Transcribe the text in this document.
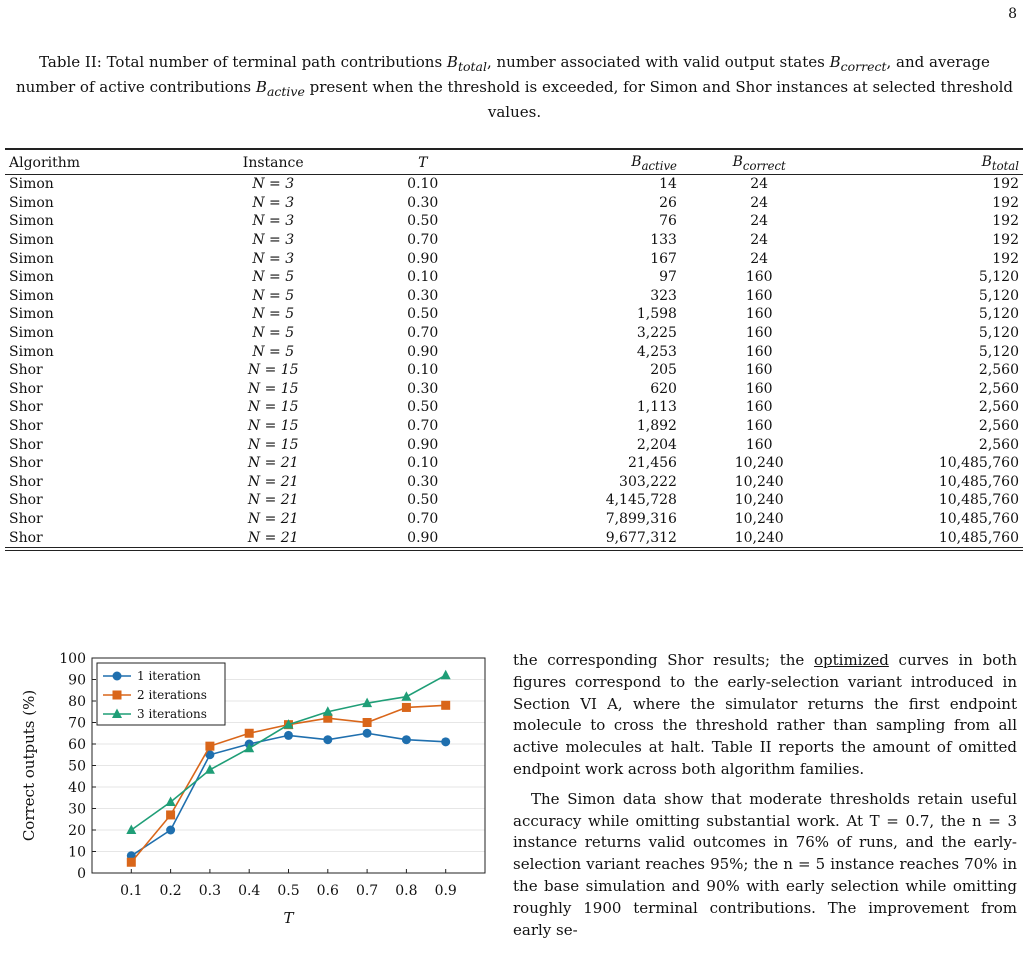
8
Table II: Total number of terminal path contributions $B_{total}$, number associated with valid output states $B_{correct}$, and average number of active contributions $B_{active}$ present when the threshold is exceeded, for Simon and Shor instances at selected threshold values.

Algorithm	Instance	T	$B_{active}$	$B_{correct}$	$B_{total}$
Simon	N = 3	0.10	14	24	192
Simon	N = 3	0.30	26	24	192
Simon	N = 3	0.50	76	24	192
Simon	N = 3	0.70	133	24	192
Simon	N = 3	0.90	167	24	192
Simon	N = 5	0.10	97	160	5,120
Simon	N = 5	0.30	323	160	5,120
Simon	N = 5	0.50	1,598	160	5,120
Simon	N = 5	0.70	3,225	160	5,120
Simon	N = 5	0.90	4,253	160	5,120
Shor	N = 15	0.10	205	160	2,560
Shor	N = 15	0.30	620	160	2,560
Shor	N = 15	0.50	1,113	160	2,560
Shor	N = 15	0.70	1,892	160	2,560
Shor	N = 15	0.90	2,204	160	2,560
Shor	N = 21	0.10	21,456	10,240	10,485,760
Shor	N = 21	0.30	303,222	10,240	10,485,760
Shor	N = 21	0.50	4,145,728	10,240	10,485,760
Shor	N = 21	0.70	7,899,316	10,240	10,485,760
Shor	N = 21	0.90	9,677,312	10,240	10,485,760

0
10
20
30
40
50
60
70
80
90
100
0.1 0.2 0.3 0.4 0.5 0.6 0.7 0.8 0.9
T
Correct outputs (%)
1 iteration
2 iterations
3 iterations

the corresponding Shor results; the optimized curves in both figures correspond to the early-selection variant introduced in Section VI A, where the simulator returns the first endpoint molecule to cross the threshold rather than sampling from all active molecules at halt. Table II reports the amount of omitted endpoint work across both algorithm families.

The Simon data show that moderate thresholds retain useful accuracy while omitting substantial work. At T = 0.7, the n = 3 instance returns valid outcomes in 76% of runs, and the early-selection variant reaches 95%; the n = 5 instance reaches 70% in the base simulation and 90% with early selection while omitting roughly 1900 terminal contributions. The improvement from early se-
